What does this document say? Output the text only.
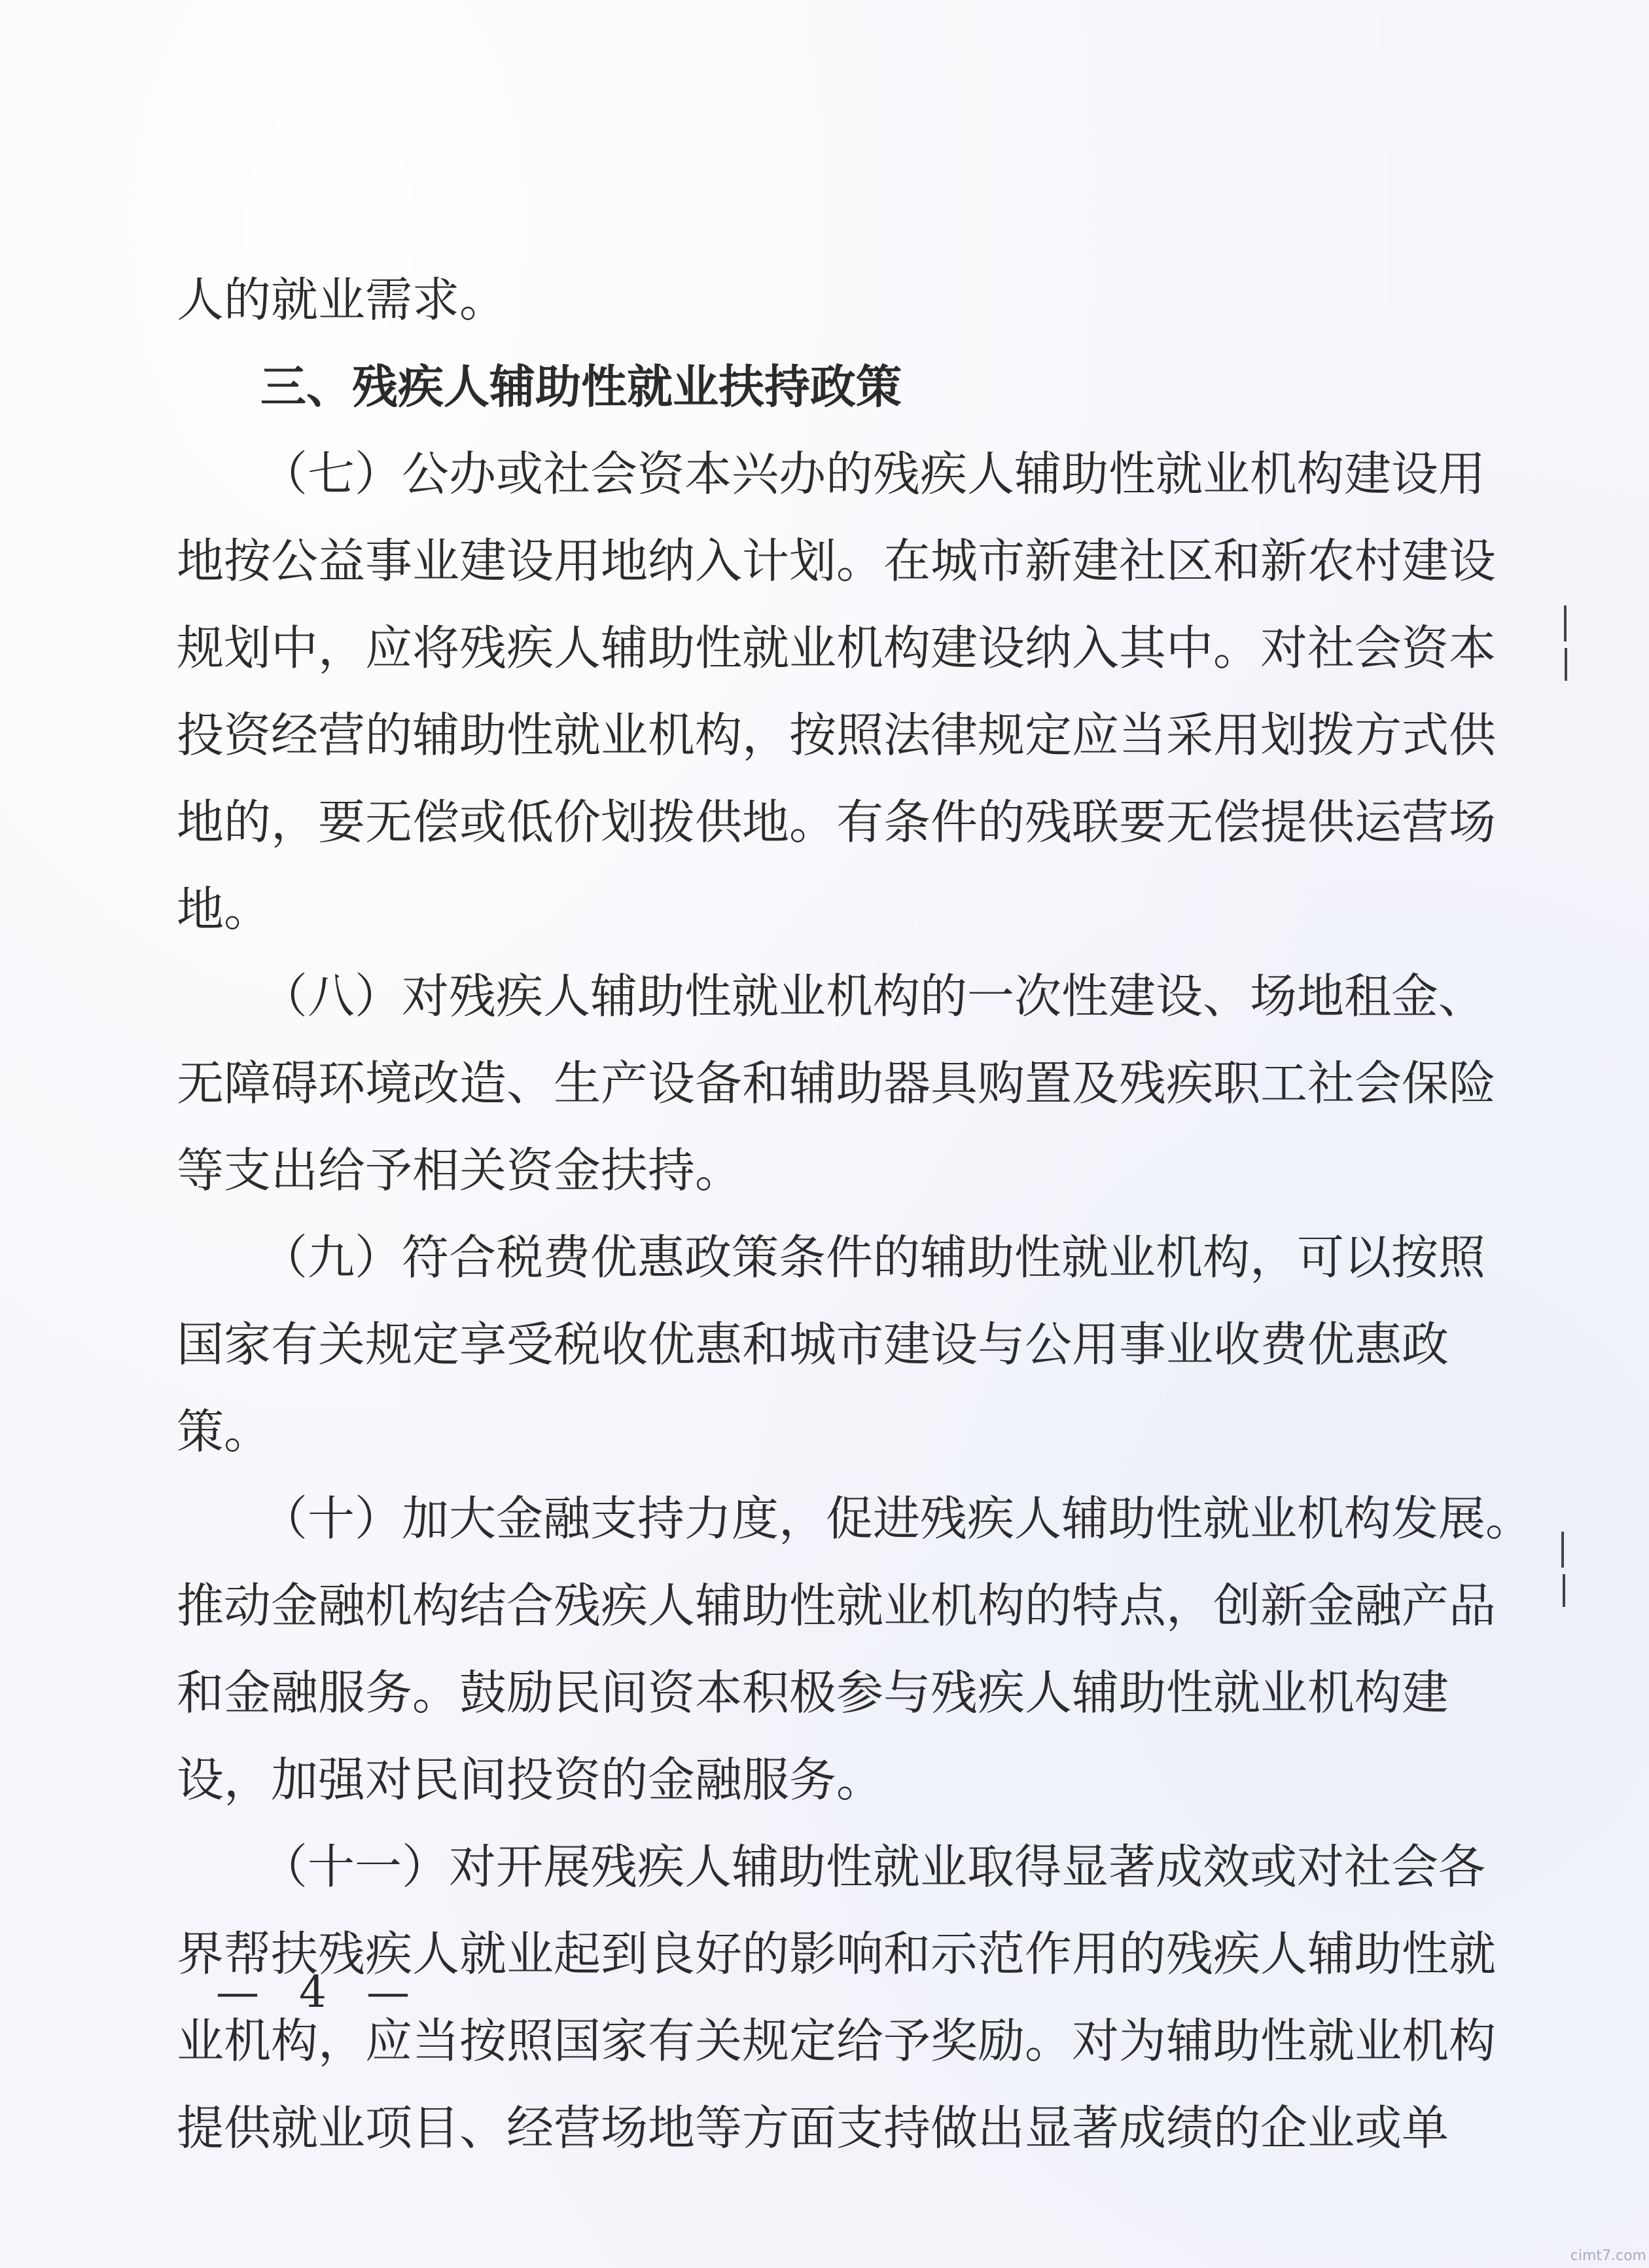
人的就业需求。
三、残疾人辅助性就业扶持政策
（七）公办或社会资本兴办的残疾人辅助性就业机构建设用
地按公益事业建设用地纳入计划。在城市新建社区和新农村建设
规划中，应将残疾人辅助性就业机构建设纳入其中。对社会资本
投资经营的辅助性就业机构，按照法律规定应当采用划拨方式供
地的，要无偿或低价划拨供地。有条件的残联要无偿提供运营场
地。
（八）对残疾人辅助性就业机构的一次性建设、场地租金、
无障碍环境改造、生产设备和辅助器具购置及残疾职工社会保险
等支出给予相关资金扶持。
（九）符合税费优惠政策条件的辅助性就业机构，可以按照
国家有关规定享受税收优惠和城市建设与公用事业收费优惠政
策。
（十）加大金融支持力度，促进残疾人辅助性就业机构发展。
推动金融机构结合残疾人辅助性就业机构的特点，创新金融产品
和金融服务。鼓励民间资本积极参与残疾人辅助性就业机构建
设，加强对民间投资的金融服务。
（十一）对开展残疾人辅助性就业取得显著成效或对社会各
界帮扶残疾人就业起到良好的影响和示范作用的残疾人辅助性就
业机构，应当按照国家有关规定给予奖励。对为辅助性就业机构
提供就业项目、经营场地等方面支持做出显著成绩的企业或单
— 4 —
cimt7.com
